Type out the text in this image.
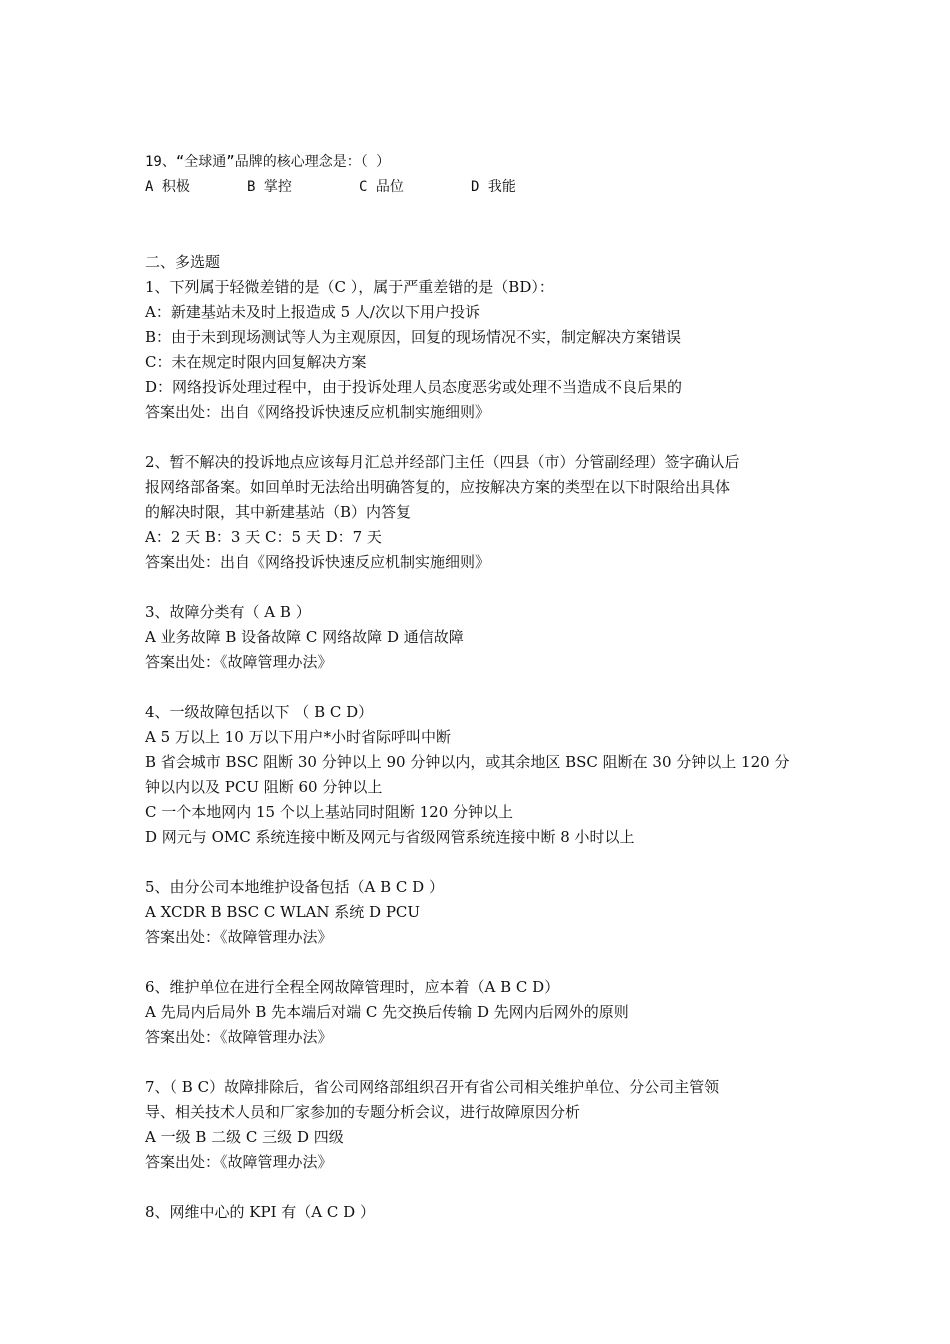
19、“全球通”品牌的核心理念是：（ ）
A 积极	B 掌控	C 品位	D 我能
二、多选题
1、下列属于轻微差错的是（C ），属于严重差错的是（BD）：
A：新建基站未及时上报造成 5 人/次以下用户投诉
B：由于未到现场测试等人为主观原因，回复的现场情况不实，制定解决方案错误
C：未在规定时限内回复解决方案
D：网络投诉处理过程中，由于投诉处理人员态度恶劣或处理不当造成不良后果的
答案出处：出自《网络投诉快速反应机制实施细则》
2、暂不解决的投诉地点应该每月汇总并经部门主任（四县（市）分管副经理）签字确认后
报网络部备案。如回单时无法给出明确答复的，应按解决方案的类型在以下时限给出具体
的解决时限，其中新建基站（B）内答复
A：2 天 B：3 天 C：5 天 D：7 天
答案出处：出自《网络投诉快速反应机制实施细则》
3、故障分类有（ A B ）
A 业务故障 B 设备故障 C 网络故障 D 通信故障
答案出处：《故障管理办法》
4、一级故障包括以下 （ B C D）
A 5 万以上 10 万以下用户*小时省际呼叫中断
B 省会城市 BSC 阻断 30 分钟以上 90 分钟以内，或其余地区 BSC 阻断在 30 分钟以上 120 分
钟以内以及 PCU 阻断 60 分钟以上
C 一个本地网内 15 个以上基站同时阻断 120 分钟以上
D 网元与 OMC 系统连接中断及网元与省级网管系统连接中断 8 小时以上
5、由分公司本地维护设备包括（A B C D ）
A XCDR B BSC C WLAN 系统 D PCU
答案出处：《故障管理办法》
6、维护单位在进行全程全网故障管理时，应本着（A B C D）
A 先局内后局外 B 先本端后对端 C 先交换后传输 D 先网内后网外的原则
答案出处：《故障管理办法》
7、（ B C）故障排除后，省公司网络部组织召开有省公司相关维护单位、分公司主管领
导、相关技术人员和厂家参加的专题分析会议，进行故障原因分析
A 一级 B 二级 C 三级 D 四级
答案出处：《故障管理办法》
8、网维中心的 KPI 有（A C D ）
